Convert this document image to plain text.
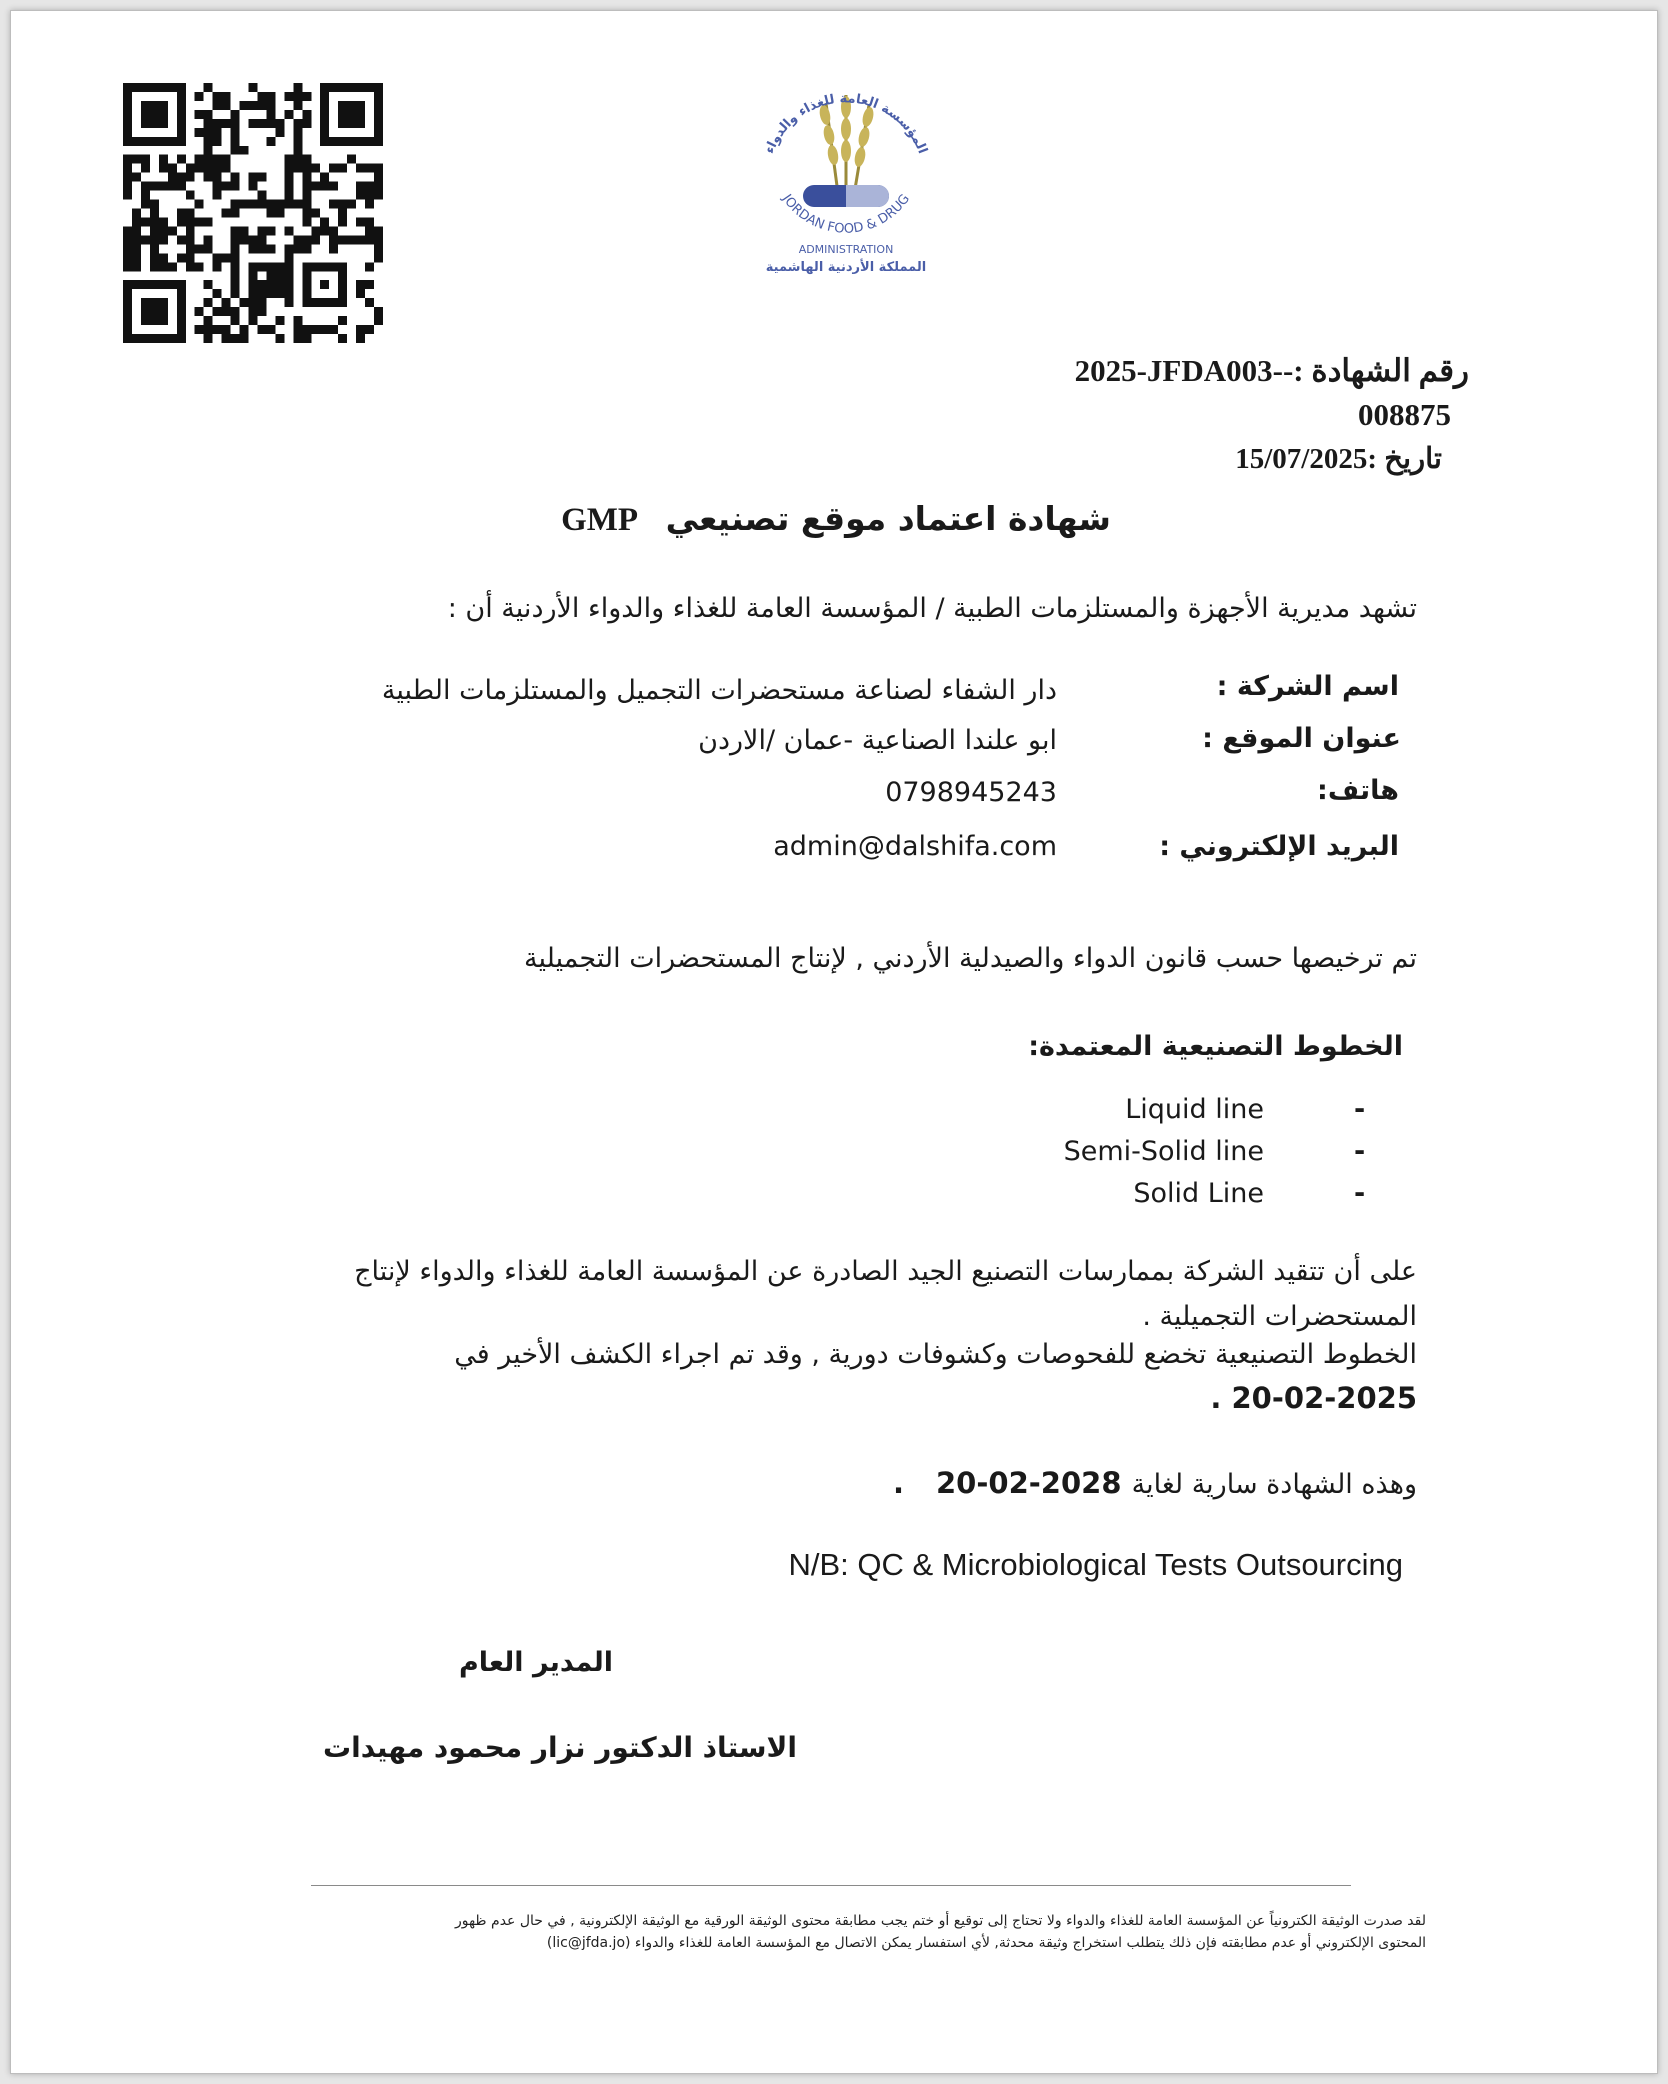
المؤسسة العامة للغذاء والدواء
JORDAN FOOD & DRUG
ADMINISTRATION
المملكة الأردنية الهاشمية
رقم الشهادة :-2025-JFDA003-
008875
تاريخ :15/07/2025
شهادة اعتماد موقع تصنيعي GMP
تشهد مديرية الأجهزة والمستلزمات الطبية / المؤسسة العامة للغذاء والدواء الأردنية أن :
اسم الشركة :
دار الشفاء لصناعة مستحضرات التجميل والمستلزمات الطبية
عنوان الموقع :
ابو علندا الصناعية -عمان /الاردن
هاتف:
0798945243
البريد الإلكتروني :
admin@dalshifa.com
تم ترخيصها حسب قانون الدواء والصيدلية الأردني , لإنتاج المستحضرات التجميلية
الخطوط التصنيعية المعتمدة:
Liquid line	-
Semi-Solid line	-
Solid Line	-
على أن تتقيد الشركة بممارسات التصنيع الجيد الصادرة عن المؤسسة العامة للغذاء والدواء لإنتاج
المستحضرات التجميلية .
الخطوط التصنيعية تخضع للفحوصات وكشوفات دورية , وقد تم اجراء الكشف الأخير في
. 20-02-2025
وهذه الشهادة سارية لغاية
20-02-2028
.
N/B: QC & Microbiological Tests Outsourcing
المدير العام
الاستاذ الدكتور نزار محمود مهيدات
لقد صدرت الوثيقة الكترونياً عن المؤسسة العامة للغذاء والدواء ولا تحتاج إلى توقيع أو ختم يجب مطابقة محتوى الوثيقة الورقية مع الوثيقة الإلكترونية , في حال عدم ظهور
المحتوى الإلكتروني أو عدم مطابقته فإن ذلك يتطلب استخراج وثيقة محدثة, لأي استفسار يمكن الاتصال مع المؤسسة العامة للغذاء والدواء (lic@jfda.jo)
